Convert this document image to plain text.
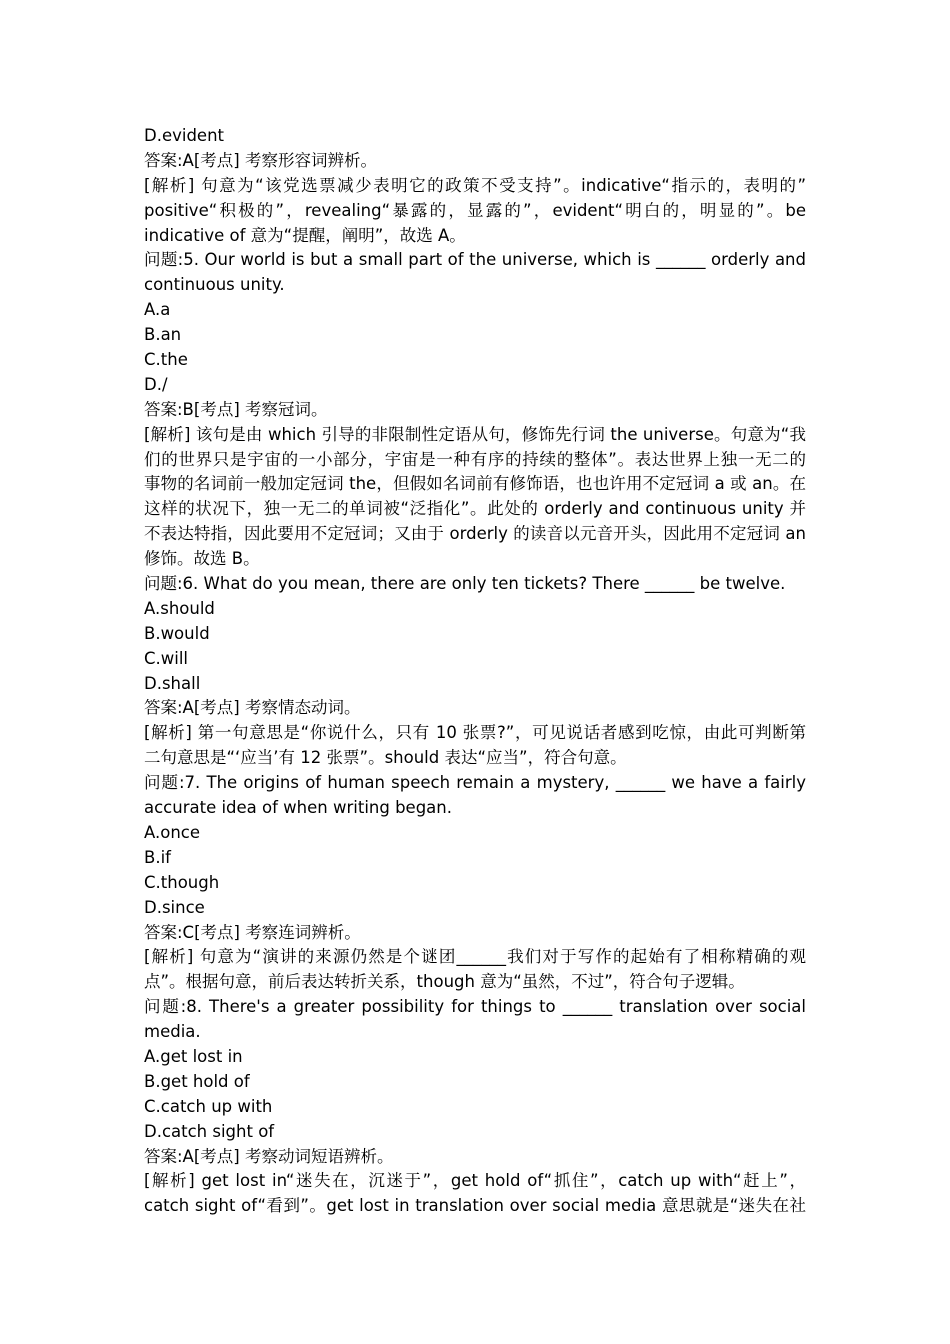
D.evident
答案:A[考点] 考察形容词辨析。
[解析] 句意为“该党选票减少表明它的政策不受支持”。indicative“指示的，表明的”
positive“积极的”，revealing“暴露的，显露的”，evident“明白的，明显的”。be
indicative of 意为“提醒，阐明”，故选 A。
问题:5. Our world is but a small part of the universe, which is ______ orderly and
continuous unity.
A.a
B.an
C.the
D./
答案:B[考点] 考察冠词。
[解析] 该句是由 which 引导的非限制性定语从句，修饰先行词 the universe。句意为“我
们的世界只是宇宙的一小部分，宇宙是一种有序的持续的整体”。表达世界上独一无二的
事物的名词前一般加定冠词 the，但假如名词前有修饰语，也也许用不定冠词 a 或 an。在
这样的状况下，独一无二的单词被“泛指化”。此处的 orderly and continuous unity 并
不表达特指，因此要用不定冠词；又由于 orderly 的读音以元音开头，因此用不定冠词 an
修饰。故选 B。
问题:6. What do you mean, there are only ten tickets? There ______ be twelve.
A.should
B.would
C.will
D.shall
答案:A[考点] 考察情态动词。
[解析] 第一句意思是“你说什么，只有 10 张票?”，可见说话者感到吃惊，由此可判断第
二句意思是“‘应当’有 12 张票”。should 表达“应当”，符合句意。
问题:7. The origins of human speech remain a mystery, ______ we have a fairly
accurate idea of when writing began.
A.once
B.if
C.though
D.since
答案:C[考点] 考察连词辨析。
[解析] 句意为“演讲的来源仍然是个谜团______我们对于写作的起始有了相称精确的观
点”。根据句意，前后表达转折关系，though 意为“虽然，不过”，符合句子逻辑。
问题:8. There's a greater possibility for things to ______ translation over social
media.
A.get lost in
B.get hold of
C.catch up with
D.catch sight of
答案:A[考点] 考察动词短语辨析。
[解析] get lost in“迷失在，沉迷于”，get hold of“抓住”，catch up with“赶上”，
catch sight of“看到”。get lost in translation over social media 意思就是“迷失在社
